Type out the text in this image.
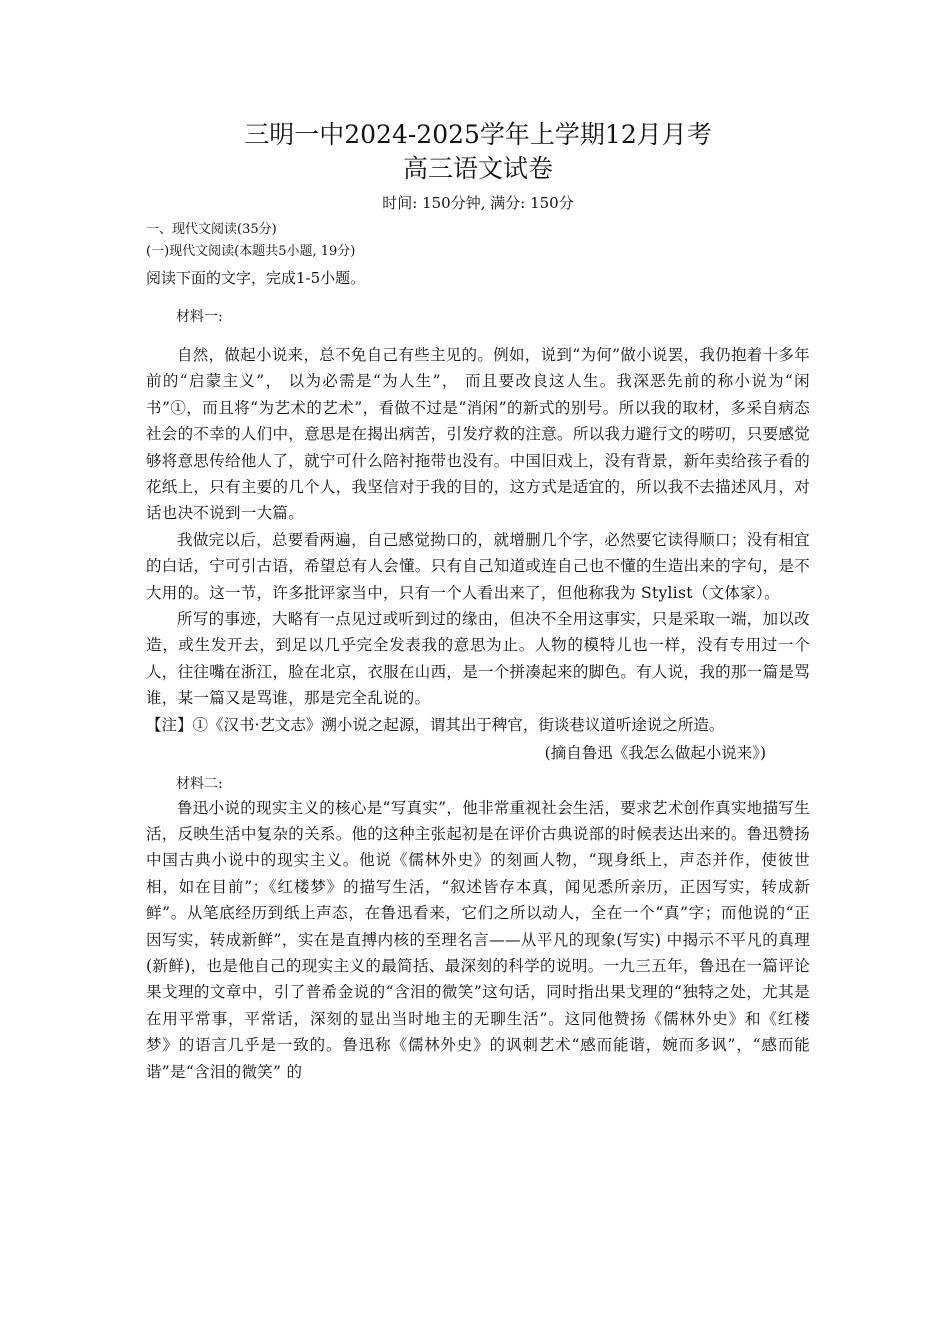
三明一中2024-2025学年上学期12月月考
高三语文试卷
时间: 150分钟, 满分: 150分
一、现代文阅读(35分)
(一)现代文阅读(本题共5小题, 19分)
阅读下面的文字，完成1-5小题。
材料一:

自然，做起小说来，总不免自己有些主见的。例如，说到“为何”做小说罢，我仍抱着十多年前的“启蒙主义”， 以为必需是“为人生”， 而且要改良这人生。我深恶先前的称小说为“闲书”①，而且将“为艺术的艺术”，看做不过是“消闲”的新式的别号。所以我的取材，多采自病态社会的不幸的人们中，意思是在揭出病苦，引发疗救的注意。所以我力避行文的唠叨，只要感觉够将意思传给他人了，就宁可什么陪衬拖带也没有。中国旧戏上，没有背景，新年卖给孩子看的花纸上，只有主要的几个人，我坚信对于我的目的，这方式是适宜的，所以我不去描述风月，对话也决不说到一大篇。

我做完以后，总要看两遍，自己感觉拗口的，就增删几个字，必然要它读得顺口；没有相宜的白话，宁可引古语，希望总有人会懂。只有自己知道或连自己也不懂的生造出来的字句，是不大用的。这一节，许多批评家当中，只有一个人看出来了，但他称我为 Stylist（文体家）。

所写的事迹，大略有一点见过或听到过的缘由，但决不全用这事实，只是采取一端，加以改造，或生发开去，到足以几乎完全发表我的意思为止。人物的模特儿也一样，没有专用过一个人，往往嘴在浙江，脸在北京，衣服在山西，是一个拼凑起来的脚色。有人说，我的那一篇是骂谁，某一篇又是骂谁，那是完全乱说的。

【注】①《汉书·艺文志》溯小说之起源，谓其出于稗官，街谈巷议道听途说之所造。
(摘自鲁迅《我怎么做起小说来》)
材料二:

鲁迅小说的现实主义的核心是“写真实”，他非常重视社会生活，要求艺术创作真实地描写生活，反映生活中复杂的关系。他的这种主张起初是在评价古典说部的时候表达出来的。鲁迅赞扬中国古典小说中的现实主义。他说《儒林外史》的刻画人物，“现身纸上，声态并作，使彼世相，如在目前”；《红楼梦》的描写生活，“叙述皆存本真，闻见悉所亲历，正因写实，转成新鲜”。从笔底经历到纸上声态，在鲁迅看来，它们之所以动人，全在一个“真”字；而他说的“正因写实，转成新鲜”，实在是直搏内核的至理名言——从平凡的现象(写实) 中揭示不平凡的真理(新鲜)，也是他自己的现实主义的最简括、最深刻的科学的说明。一九三五年，鲁迅在一篇评论果戈理的文章中，引了普希金说的“含泪的微笑”这句话，同时指出果戈理的“独特之处，尤其是在用平常事，平常话，深刻的显出当时地主的无聊生活”。这同他赞扬《儒林外史》和《红楼梦》的语言几乎是一致的。鲁迅称《儒林外史》的讽刺艺术“感而能谐，婉而多讽”，“感而能谐”是“含泪的微笑” 的
